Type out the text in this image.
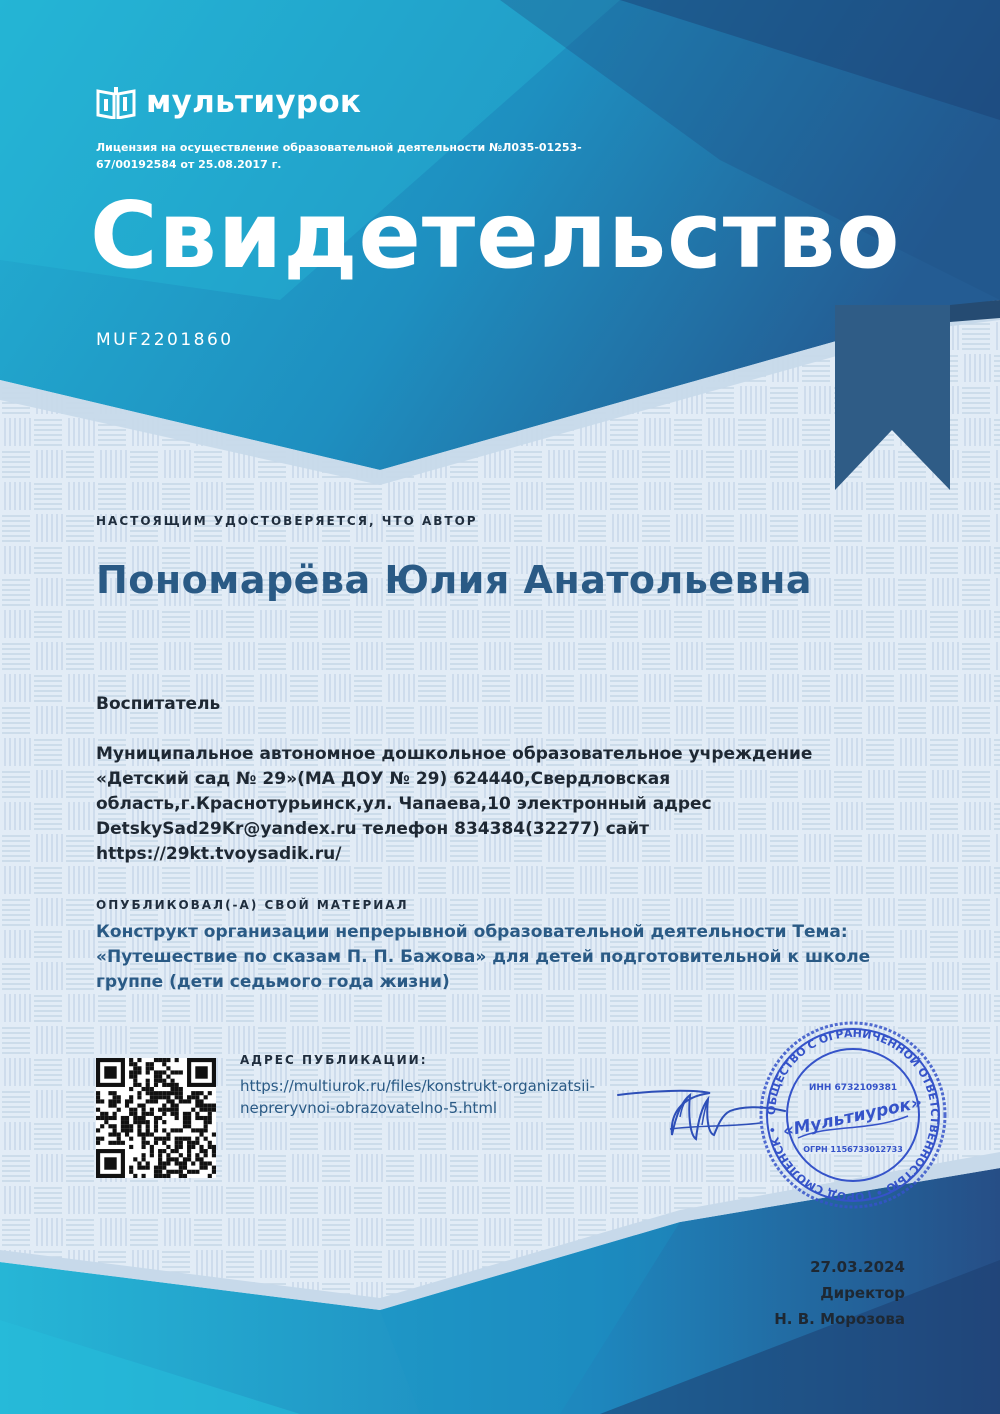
мультиурок
Лицензия на осуществление образовательной деятельности №Л035-01253-67/00192584 от 25.08.2017 г.
Свидетельство
MUF2201860
НАСТОЯЩИМ УДОСТОВЕРЯЕТСЯ, ЧТО АВТОР
Пономарёва Юлия Анатольевна
Воспитатель
Муниципальное автономное дошкольное образовательное учреждение «Детский сад № 29»(МА ДОУ № 29) 624440,Свердловская область,г.Краснотурьинск,ул. Чапаева,10 электронный адрес DetskySad29Kr@yandex.ru телефон 834384(32277) сайт https://29kt.tvoysadik.ru/
ОПУБЛИКОВАЛ(-А) СВОЙ МАТЕРИАЛ
Конструкт организации непрерывной образовательной деятельности Тема: «Путешествие по сказам П. П. Бажова» для детей подготовительной к школе группе (дети седьмого года жизни)
АДРЕС ПУБЛИКАЦИИ:
https://multiurok.ru/files/konstrukt-organizatsii-nepreryvnoi-obrazovatelno-5.html	ОБЩЕСТВО С ОГРАНИЧЕННОЙ ОТВЕТСТВЕННОСТЬЮ • ГОРОД СМОЛЕНСК •
ИНН 6732109381
«Мультиурок»
ОГРН 1156733012733
27.03.2024
Директор
Н. В. Морозова
